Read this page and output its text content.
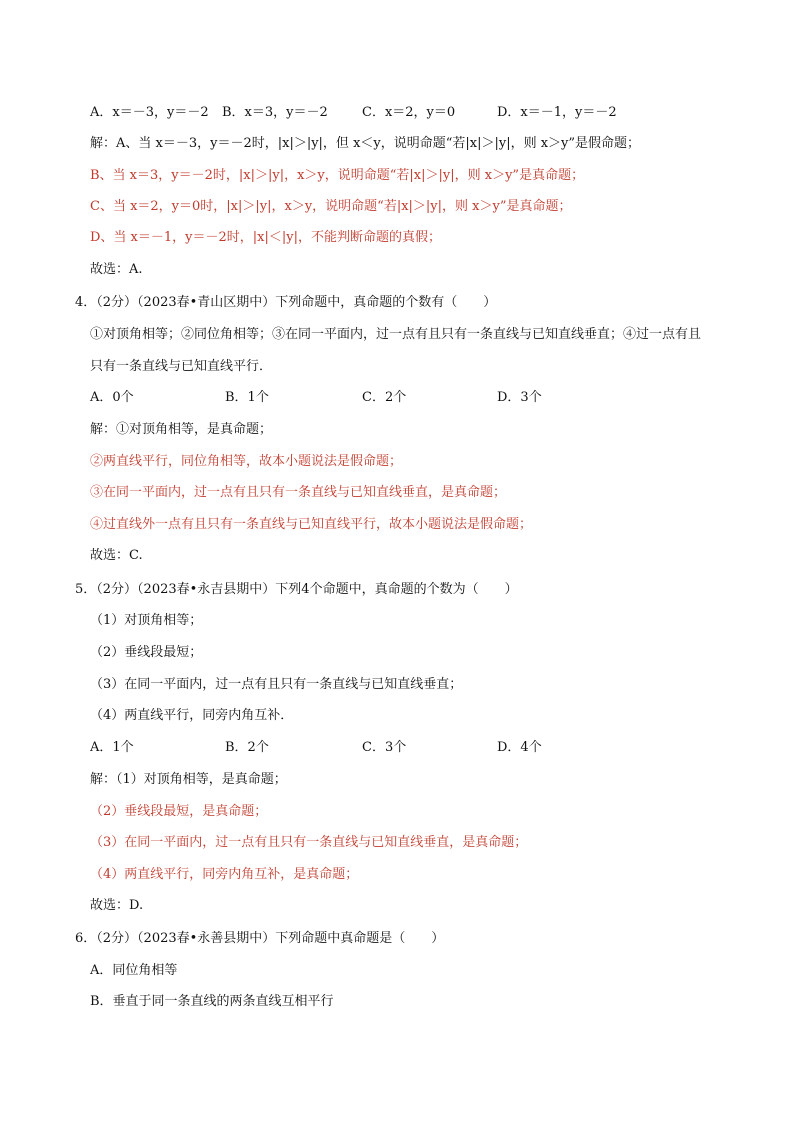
A．x＝－3，y＝－2 B．x＝3，y＝－2	C．x＝2，y＝0	D．x＝－1，y＝－2
解：A、当 x＝－3，y＝－2时，|x|＞|y|，但 x＜y，说明命题“若|x|＞|y|，则 x＞y”是假命题；
B、当 x＝3，y＝－2时，|x|＞|y|，x＞y，说明命题“若|x|＞|y|，则 x＞y”是真命题；
C、当 x＝2，y＝0时，|x|＞|y|，x＞y，说明命题“若|x|＞|y|，则 x＞y”是真命题；
D、当 x＝－1，y＝－2时，|x|＜|y|，不能判断命题的真假；
故选：A.
4．（2分）（2023春•青山区期中）下列命题中，真命题的个数有（　　）
①对顶角相等；②同位角相等；③在同一平面内，过一点有且只有一条直线与已知直线垂直；④过一点有且
只有一条直线与已知直线平行．
A．0个	B．1个	C．2个	D．3个
解：①对顶角相等，是真命题；
②两直线平行，同位角相等，故本小题说法是假命题；
③在同一平面内，过一点有且只有一条直线与已知直线垂直，是真命题；
④过直线外一点有且只有一条直线与已知直线平行，故本小题说法是假命题；
故选：C.
5．（2分）（2023春•永吉县期中）下列4个命题中，真命题的个数为（　　）
（1）对顶角相等；
（2）垂线段最短；
（3）在同一平面内，过一点有且只有一条直线与已知直线垂直；
（4）两直线平行，同旁内角互补．
A．1个	B．2个	C．3个	D．4个
解：（1）对顶角相等，是真命题；
（2）垂线段最短，是真命题；
（3）在同一平面内，过一点有且只有一条直线与已知直线垂直，是真命题；
（4）两直线平行，同旁内角互补，是真命题；
故选：D.
6．（2分）（2023春•永善县期中）下列命题中真命题是（　　）
A．同位角相等
B．垂直于同一条直线的两条直线互相平行
